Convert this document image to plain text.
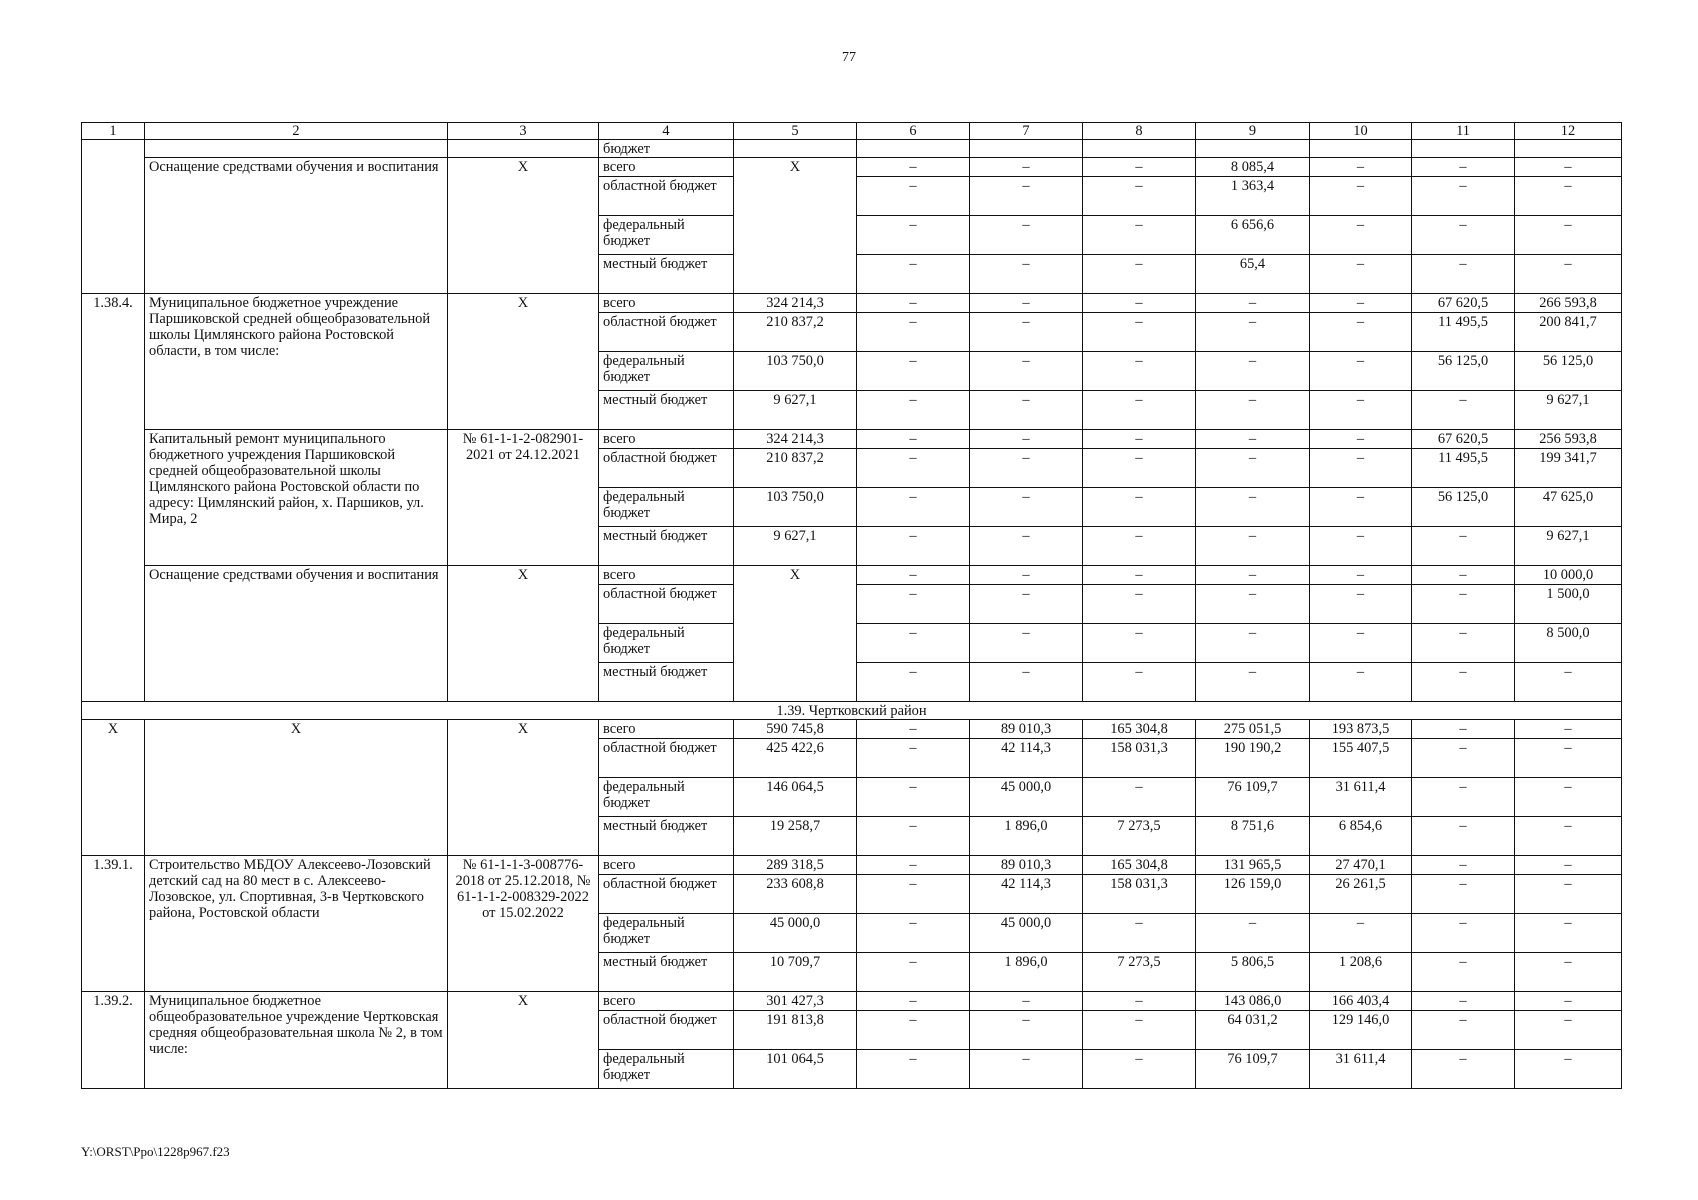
77
1	2	3	4	5	6	7	8	9	10	11	12
			бюджет								
	Оснащение средствами обучения и воспитания	Х	всего	Х	–	–	–	8 085,4	–	–	–
			областной бюджет		–	–	–	1 363,4	–	–	–
			федеральный бюджет		–	–	–	6 656,6	–	–	–
			местный бюджет		–	–	–	65,4	–	–	–
1.38.4.	Муниципальное бюджетное учреждение Паршиковской средней общеобразовательной школы Цимлянского района Ростовской области, в том числе:	Х	всего	324 214,3	–	–	–	–	–	67 620,5	266 593,8
			областной бюджет	210 837,2	–	–	–	–	–	11 495,5	200 841,7
			федеральный бюджет	103 750,0	–	–	–	–	–	56 125,0	56 125,0
			местный бюджет	9 627,1	–	–	–	–	–	–	9 627,1
	Капитальный ремонт муниципального бюджетного учреждения Паршиковской средней общеобразовательной школы Цимлянского района Ростовской области по адресу: Цимлянский район, х. Паршиков, ул. Мира, 2	№ 61-1-1-2-082901-2021 от 24.12.2021	всего	324 214,3	–	–	–	–	–	67 620,5	256 593,8
			областной бюджет	210 837,2	–	–	–	–	–	11 495,5	199 341,7
			федеральный бюджет	103 750,0	–	–	–	–	–	56 125,0	47 625,0
			местный бюджет	9 627,1	–	–	–	–	–	–	9 627,1
	Оснащение средствами обучения и воспитания	Х	всего	Х	–	–	–	–	–	–	10 000,0
			областной бюджет		–	–	–	–	–	–	1 500,0
			федеральный бюджет		–	–	–	–	–	–	8 500,0
			местный бюджет		–	–	–	–	–	–	–
1.39. Чертковский район											
Х	Х	Х	всего	590 745,8	–	89 010,3	165 304,8	275 051,5	193 873,5	–	–
			областной бюджет	425 422,6	–	42 114,3	158 031,3	190 190,2	155 407,5	–	–
			федеральный бюджет	146 064,5	–	45 000,0	–	76 109,7	31 611,4	–	–
			местный бюджет	19 258,7	–	1 896,0	7 273,5	8 751,6	6 854,6	–	–
1.39.1.	Строительство МБДОУ Алексеево-Лозовский детский сад на 80 мест в с. Алексеево-Лозовское, ул. Спортивная, 3-в Чертковского района, Ростовской области	№ 61-1-1-3-008776-2018 от 25.12.2018, № 61-1-1-2-008329-2022 от 15.02.2022	всего	289 318,5	–	89 010,3	165 304,8	131 965,5	27 470,1	–	–
			областной бюджет	233 608,8	–	42 114,3	158 031,3	126 159,0	26 261,5	–	–
			федеральный бюджет	45 000,0	–	45 000,0	–	–	–	–	–
			местный бюджет	10 709,7	–	1 896,0	7 273,5	5 806,5	1 208,6	–	–
1.39.2.	Муниципальное бюджетное общеобразовательное учреждение Чертковская средняя общеобразовательная школа № 2, в том числе:	Х	всего	301 427,3	–	–	–	143 086,0	166 403,4	–	–
			областной бюджет	191 813,8	–	–	–	64 031,2	129 146,0	–	–
			федеральный бюджет	101 064,5	–	–	–	76 109,7	31 611,4	–	–
Y:\ORST\Ppo\1228p967.f23
